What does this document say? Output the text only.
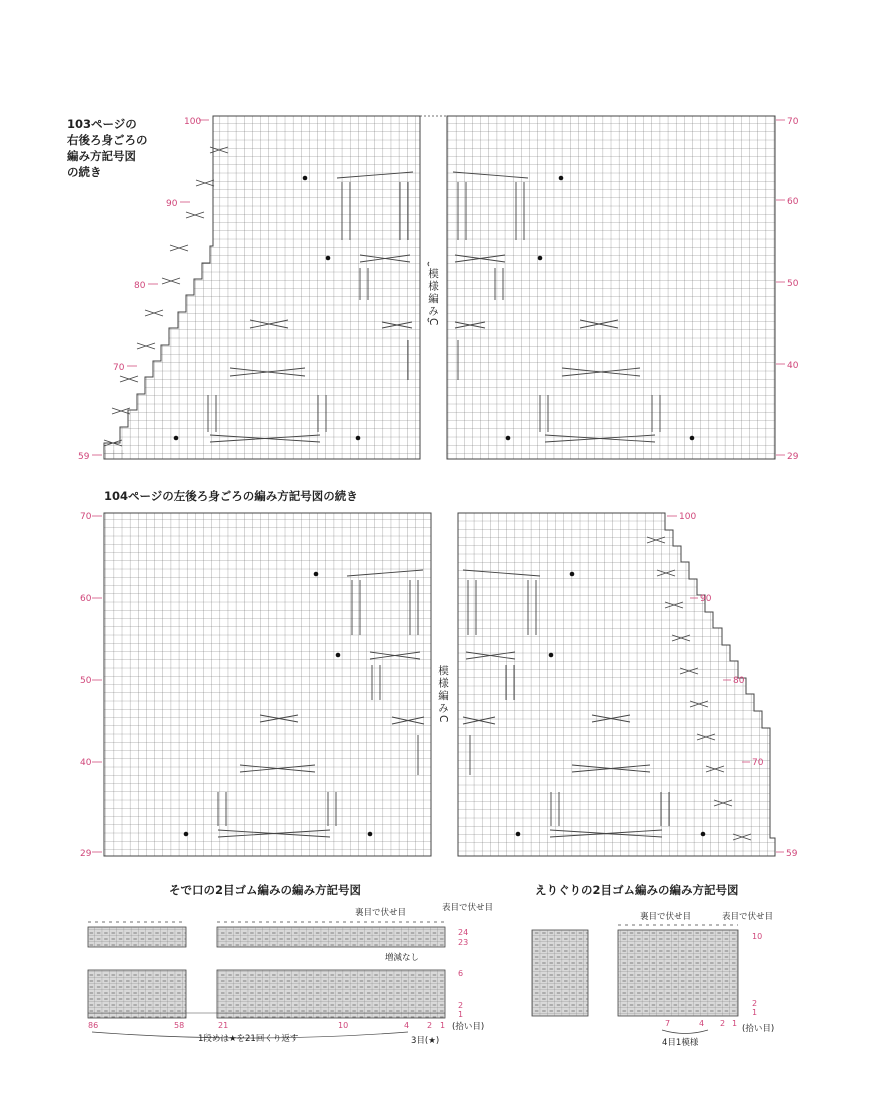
103ページの
右後ろ身ごろの
編み方記号図
の続き
模様編みC
100
90
80
70
59
70
60
50
40
29
104ページの左後ろ身ごろの編み方記号図の続き
模様編みC
70
60
50
40
29
100
90
80
70
59
そで口の2目ゴム編みの編み方記号図
裏目で伏せ目	表目で伏せ目
増減なし
24
23
6
2
1
86	58	21	10	4 2 1 (拾い目)
1段めは★を21回くり返す	3目(★)
えりぐりの2目ゴム編みの編み方記号図
裏目で伏せ目	表目で伏せ目
10
2
1
7	4 2 1
(拾い目)
4目1模様
